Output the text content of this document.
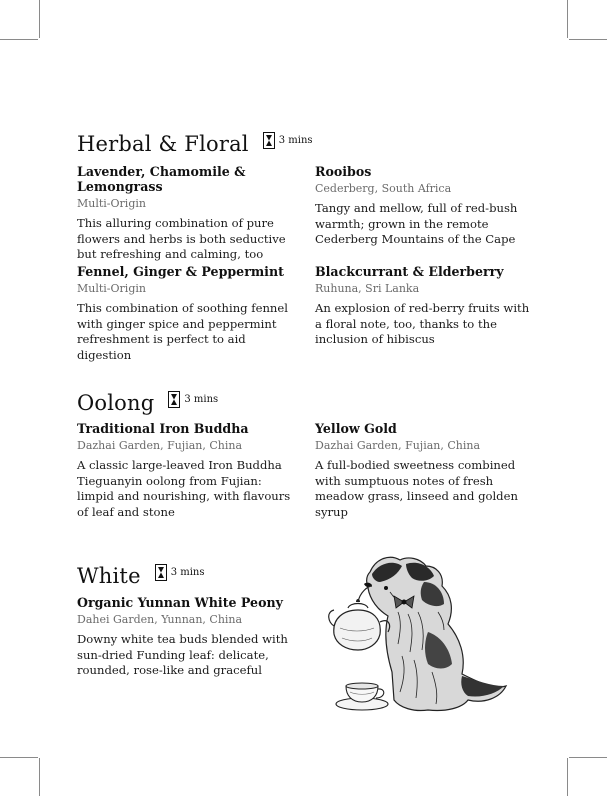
Herbal & Floral	3 mins

Lavender, Chamomile & Lemongrass

Multi-Origin

This alluring combination of pure flowers and herbs is both seductive but refreshing and calming, too

Rooibos

Cederberg, South Africa

Tangy and mellow, full of red-bush warmth; grown in the remote Cederberg Mountains of the Cape

Fennel, Ginger & Peppermint

Multi-Origin

This combination of soothing fennel with ginger spice and peppermint refreshment is perfect to aid digestion

Blackcurrant & Elderberry

Ruhuna, Sri Lanka

An explosion of red-berry fruits with a floral note, too, thanks to the inclusion of hibiscus

Oolong	3 mins

Traditional Iron Buddha

Dazhai Garden, Fujian, China

A classic large-leaved Iron Buddha Tieguanyin oolong from Fujian: limpid and nourishing, with flavours of leaf and stone

Yellow Gold

Dazhai Garden, Fujian, China

A full-bodied sweetness combined with sumptuous notes of fresh meadow grass, linseed and golden syrup

White	3 mins

Organic Yunnan White Peony

Dahei Garden, Yunnan, China

Downy white tea buds blended with sun-dried Funding leaf: delicate, rounded, rose-like and graceful
